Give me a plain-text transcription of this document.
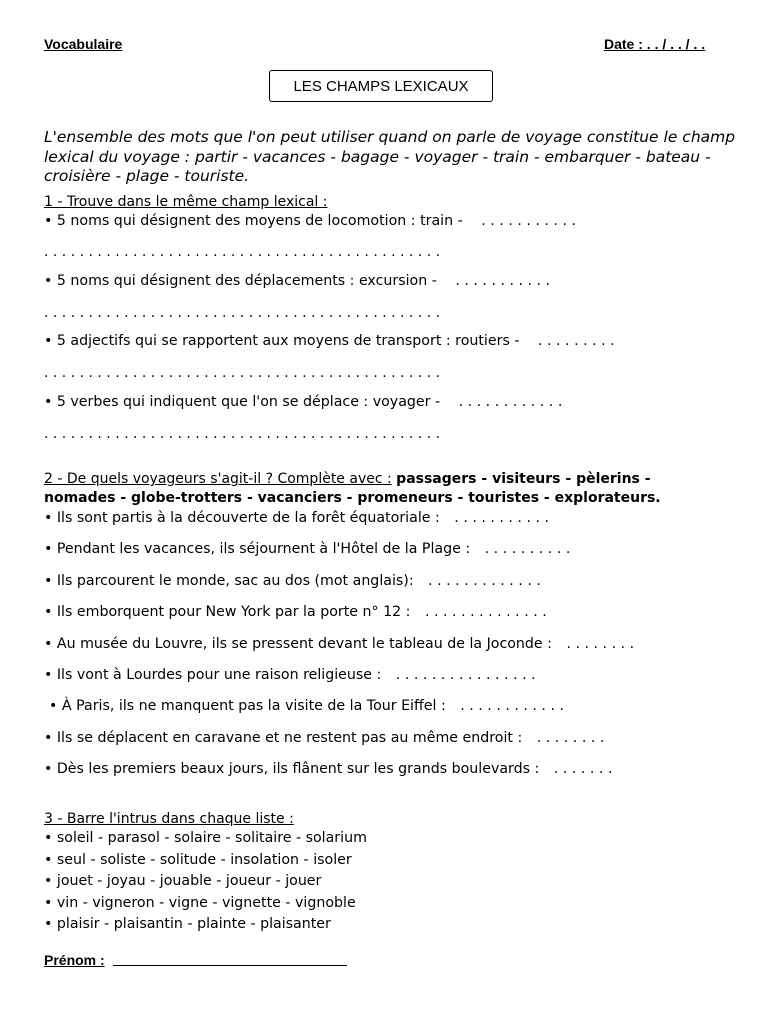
Vocabulaire	Date : . . / . . / . .
LES CHAMPS LEXICAUX
L'ensemble des mots que l'on peut utiliser quand on parle de voyage constitue le champ lexical du voyage : partir - vacances - bagage - voyager - train - embarquer - bateau - croisière - plage - touriste.
1 - Trouve dans le même champ lexical :
• 5 noms qui désignent des moyens de locomotion : train - . . . . . . . . . . .
. . . . . . . . . . . . . . . . . . . . . . . . . . . . . . . . . . . . . . . . . . . . .
• 5 noms qui désignent des déplacements : excursion - . . . . . . . . . . .
. . . . . . . . . . . . . . . . . . . . . . . . . . . . . . . . . . . . . . . . . . . . .
• 5 adjectifs qui se rapportent aux moyens de transport : routiers - . . . . . . . . .
. . . . . . . . . . . . . . . . . . . . . . . . . . . . . . . . . . . . . . . . . . . . .
• 5 verbes qui indiquent que l'on se déplace : voyager - . . . . . . . . . . . .
. . . . . . . . . . . . . . . . . . . . . . . . . . . . . . . . . . . . . . . . . . . . .
2 - De quels voyageurs s'agit-il ? Complète avec : passagers - visiteurs - pèlerins -
nomades - globe-trotters - vacanciers - promeneurs - touristes - explorateurs.
• Ils sont partis à la découverte de la forêt équatoriale : . . . . . . . . . . .
• Pendant les vacances, ils séjournent à l'Hôtel de la Plage : . . . . . . . . . .
• Ils parcourent le monde, sac au dos (mot anglais): . . . . . . . . . . . . .
• Ils emborquent pour New York par la porte n° 12 : . . . . . . . . . . . . . .
• Au musée du Louvre, ils se pressent devant le tableau de la Joconde : . . . . . . . .
• Ils vont à Lourdes pour une raison religieuse : . . . . . . . . . . . . . . . .
• À Paris, ils ne manquent pas la visite de la Tour Eiffel : . . . . . . . . . . . .
• Ils se déplacent en caravane et ne restent pas au même endroit : . . . . . . . .
• Dès les premiers beaux jours, ils flânent sur les grands boulevards : . . . . . . .
3 - Barre l'intrus dans chaque liste :
• soleil - parasol - solaire - solitaire - solarium
• seul - soliste - solitude - insolation - isoler
• jouet - joyau - jouable - joueur - jouer
• vin - vigneron - vigne - vignette - vignoble
• plaisir - plaisantin - plainte - plaisanter
Prénom :
